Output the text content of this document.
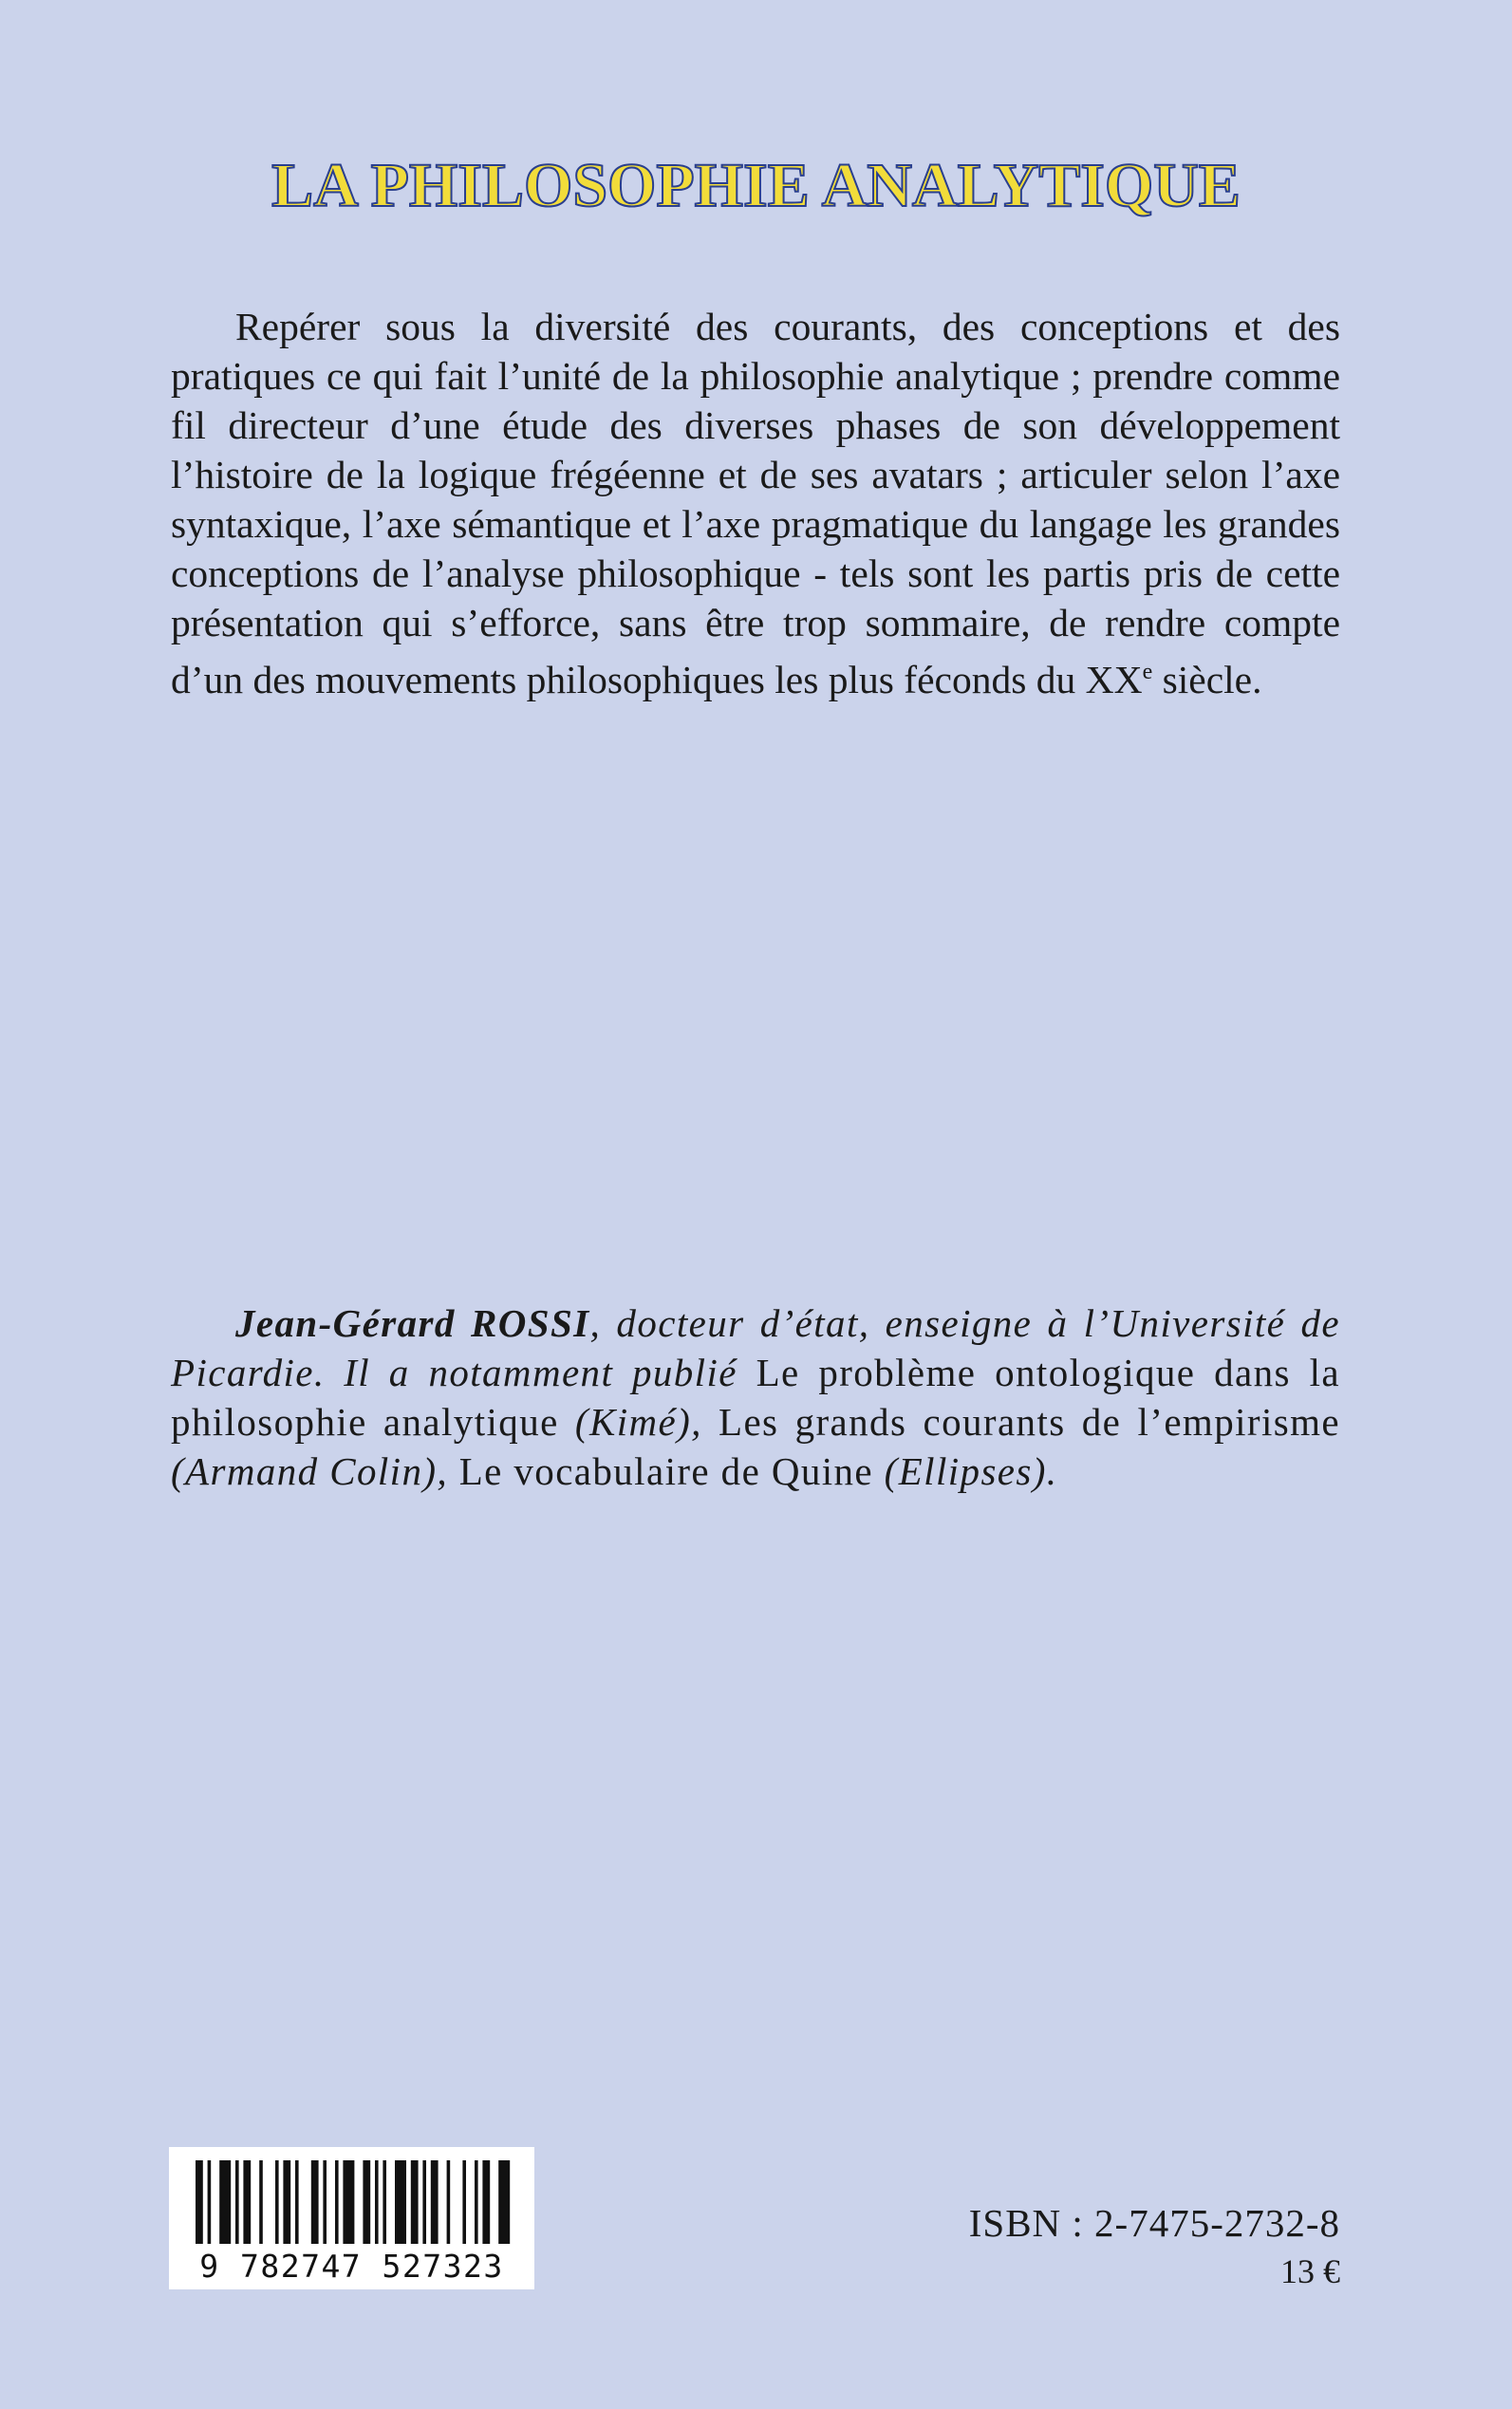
LA PHILOSOPHIE ANALYTIQUE

Repérer sous la diversité des courants, des conceptions et des pratiques ce qui fait l’unité de la philosophie analytique ; prendre comme fil directeur d’une étude des diverses phases de son développement l’histoire de la logique frégéenne et de ses avatars ; articuler selon l’axe syntaxique, l’axe sémantique et l’axe pragmatique du langage les grandes conceptions de l’analyse philosophique - tels sont les partis pris de cette présentation qui s’efforce, sans être trop sommaire, de rendre compte d’un des mouvements philosophiques les plus féconds du XXe siècle.

Jean-Gérard ROSSI, docteur d’état, enseigne à l’Université de Picardie. Il a notamment publié Le problème ontologique dans la philosophie analytique (Kimé), Les grands courants de l’empirisme (Armand Colin), Le vocabulaire de Quine (Ellipses).

9 782747 527323
ISBN : 2-7475-2732-8
13 €
